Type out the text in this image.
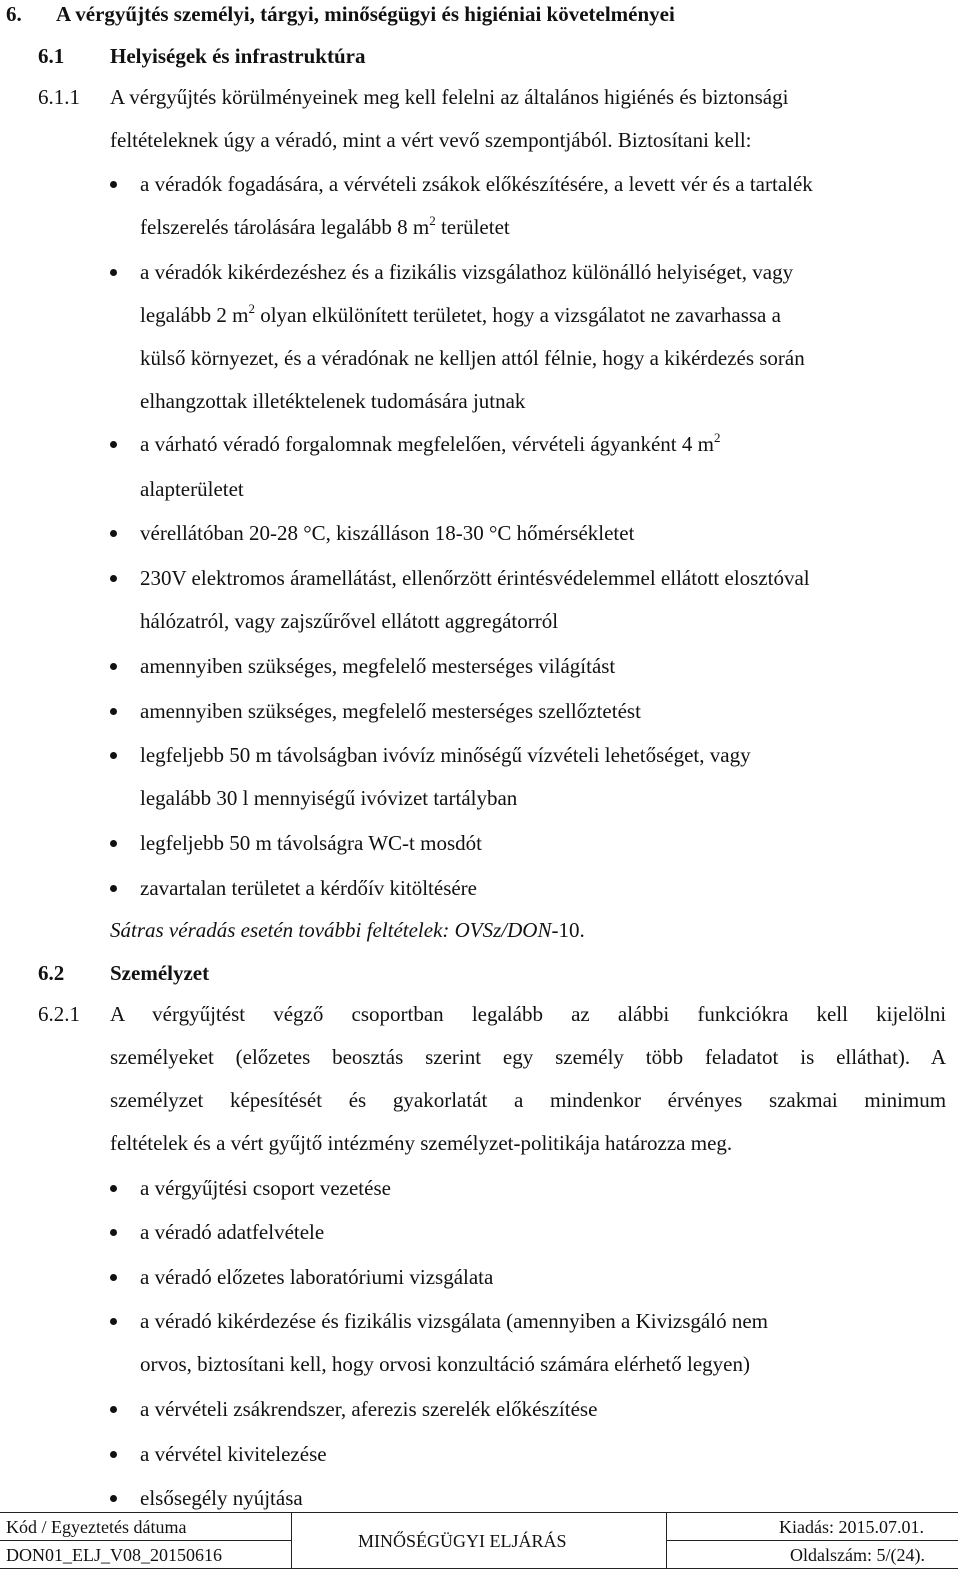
6. A vérgyűjtés személyi, tárgyi, minőségügyi és higiéniai követelményei
6.1 Helyiségek és infrastruktúra
6.1.1 A vérgyűjtés körülményeinek meg kell felelni az általános higiénés és biztonsági
feltételeknek úgy a véradó, mint a vért vevő szempontjából. Biztosítani kell:
a véradók fogadására, a vérvételi zsákok előkészítésére, a levett vér és a tartalék
felszerelés tárolására legalább 8 $m^2$ területet
a véradók kikérdezéshez és a fizikális vizsgálathoz különálló helyiséget, vagy
legalább 2 $m^2$ olyan elkülönített területet, hogy a vizsgálatot ne zavarhassa a
külső környezet, és a véradónak ne kelljen attól félnie, hogy a kikérdezés során
elhangzottak illetéktelenek tudomására jutnak
a várható véradó forgalomnak megfelelően, vérvételi ágyanként 4 $m^2$
alapterületet
vérellátóban 20-28 °C, kiszálláson 18-30 °C hőmérsékletet
230V elektromos áramellátást, ellenőrzött érintésvédelemmel ellátott elosztóval
hálózatról, vagy zajszűrővel ellátott aggregátorról
amennyiben szükséges, megfelelő mesterséges világítást
amennyiben szükséges, megfelelő mesterséges szellőztetést
legfeljebb 50 m távolságban ivóvíz minőségű vízvételi lehetőséget, vagy
legalább 30 l mennyiségű ivóvizet tartályban
legfeljebb 50 m távolságra WC-t mosdót
zavartalan területet a kérdőív kitöltésére
Sátras véradás esetén további feltételek: OVSz/DON-10.
6.2 Személyzet
6.2.1 A vérgyűjtést végző csoportban legalább az alábbi funkciókra kell kijelölni
személyeket (előzetes beosztás szerint egy személy több feladatot is elláthat). A
személyzet képesítését és gyakorlatát a mindenkor érvényes szakmai minimum
feltételek és a vért gyűjtő intézmény személyzet-politikája határozza meg.
a vérgyűjtési csoport vezetése
a véradó adatfelvétele
a véradó előzetes laboratóriumi vizsgálata
a véradó kikérdezése és fizikális vizsgálata (amennyiben a Kivizsgáló nem
orvos, biztosítani kell, hogy orvosi konzultáció számára elérhető legyen)
a vérvételi zsákrendszer, aferezis szerelék előkészítése
a vérvétel kivitelezése
elsősegély nyújtása
Kód / Egyeztetés dátuma
DON01_ELJ_V08_20150616
MINŐSÉGÜGYI ELJÁRÁS
Kiadás: 2015.07.01.
Oldalszám: 5/(24).
